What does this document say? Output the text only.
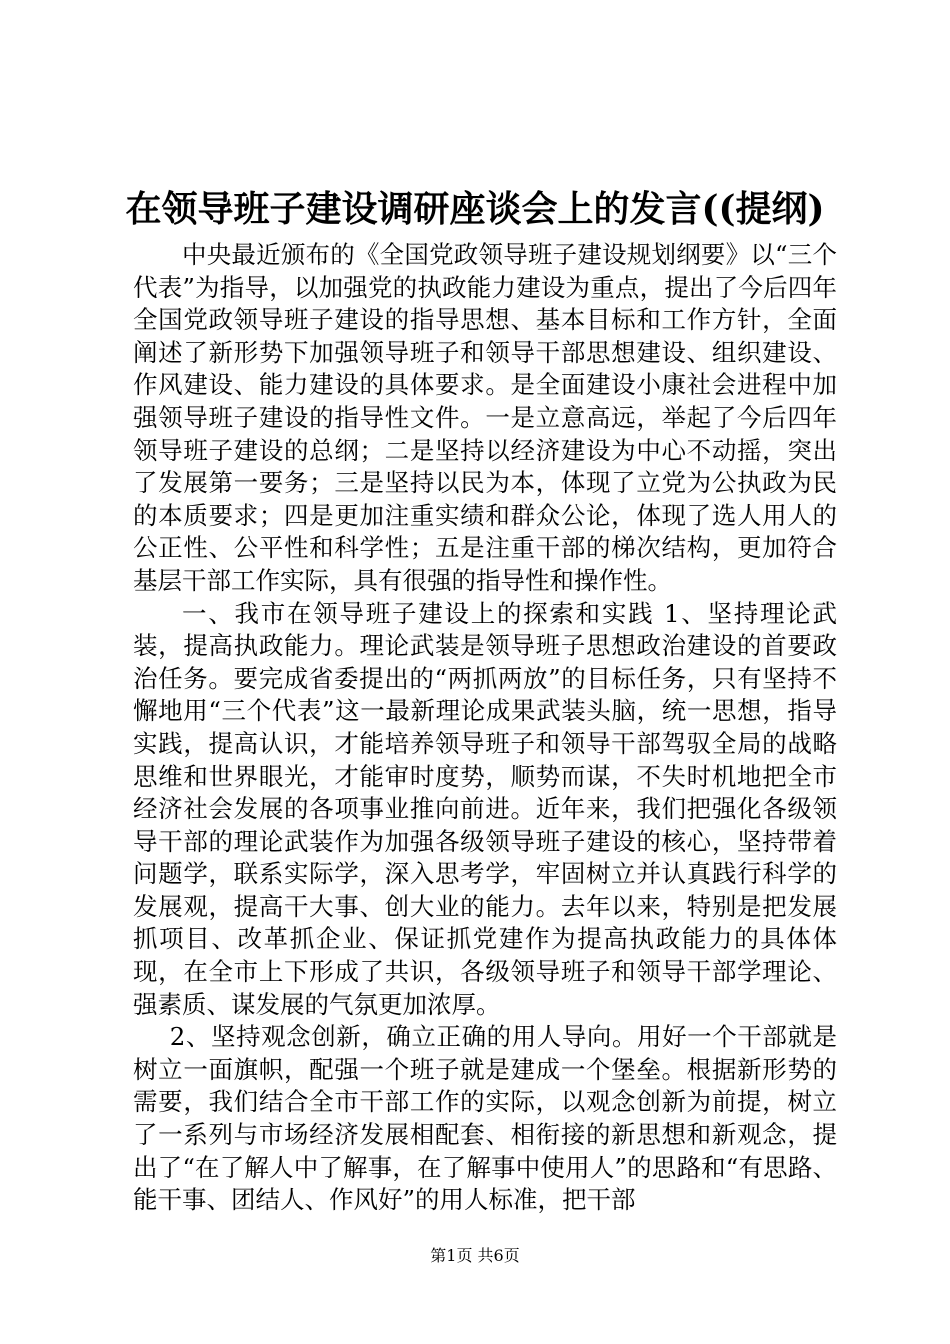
在领导班子建设调研座谈会上的发言((提纲)

中央最近颁布的《全国党政领导班子建设规划纲要》以“三个代表”为指导，以加强党的执政能力建设为重点，提出了今后四年全国党政领导班子建设的指导思想、基本目标和工作方针，全面阐述了新形势下加强领导班子和领导干部思想建设、组织建设、作风建设、能力建设的具体要求。是全面建设小康社会进程中加强领导班子建设的指导性文件。一是立意高远，举起了今后四年领导班子建设的总纲；二是坚持以经济建设为中心不动摇，突出了发展第一要务；三是坚持以民为本，体现了立党为公执政为民的本质要求；四是更加注重实绩和群众公论，体现了选人用人的公正性、公平性和科学性；五是注重干部的梯次结构，更加符合基层干部工作实际，具有很强的指导性和操作性。

一、我市在领导班子建设上的探索和实践 1、坚持理论武装，提高执政能力。理论武装是领导班子思想政治建设的首要政治任务。要完成省委提出的“两抓两放”的目标任务，只有坚持不懈地用“三个代表”这一最新理论成果武装头脑，统一思想，指导实践，提高认识，才能培养领导班子和领导干部驾驭全局的战略思维和世界眼光，才能审时度势，顺势而谋，不失时机地把全市经济社会发展的各项事业推向前进。近年来，我们把强化各级领导干部的理论武装作为加强各级领导班子建设的核心，坚持带着问题学，联系实际学，深入思考学，牢固树立并认真践行科学的发展观，提高干大事、创大业的能力。去年以来，特别是把发展抓项目、改革抓企业、保证抓党建作为提高执政能力的具体体现，在全市上下形成了共识，各级领导班子和领导干部学理论、强素质、谋发展的气氛更加浓厚。

2、坚持观念创新，确立正确的用人导向。用好一个干部就是树立一面旗帜，配强一个班子就是建成一个堡垒。根据新形势的需要，我们结合全市干部工作的实际，以观念创新为前提，树立了一系列与市场经济发展相配套、相衔接的新思想和新观念，提出了“在了解人中了解事，在了解事中使用人”的思路和“有思路、能干事、团结人、作风好”的用人标准，把干部

第1页 共6页
